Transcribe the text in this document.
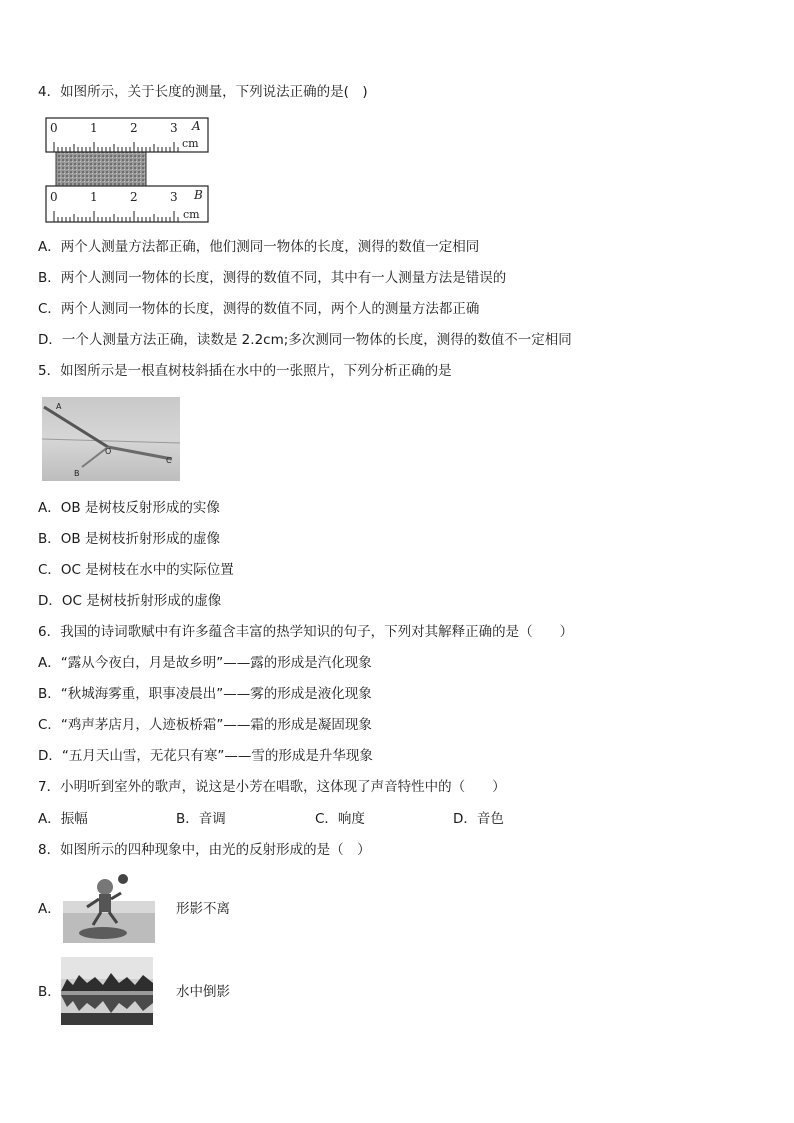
4．如图所示，关于长度的测量，下列说法正确的是(　)
0	1	2	3 A
cm
0	1	2	3 B
cm
A．两个人测量方法都正确，他们测同一物体的长度，测得的数值一定相同
B．两个人测同一物体的长度，测得的数值不同，其中有一人测量方法是错误的
C．两个人测同一物体的长度，测得的数值不同，两个人的测量方法都正确
D．一个人测量方法正确，读数是 2.2cm;多次测同一物体的长度，测得的数值不一定相同
5．如图所示是一根直树枝斜插在水中的一张照片，下列分析正确的是
A
O
B
C
A．OB 是树枝反射形成的实像
B．OB 是树枝折射形成的虚像
C．OC 是树枝在水中的实际位置
D．OC 是树枝折射形成的虚像
6．我国的诗词歌赋中有许多蕴含丰富的热学知识的句子，下列对其解释正确的是（　　）
A．“露从今夜白，月是故乡明”——露的形成是汽化现象
B．“秋城海雾重，职事凌晨出”——雾的形成是液化现象
C．“鸡声茅店月，人迹板桥霜”——霜的形成是凝固现象
D．“五月天山雪，无花只有寒”——雪的形成是升华现象
7．小明听到室外的歌声，说这是小芳在唱歌，这体现了声音特性中的（　　）
A．振幅	B．音调	C．响度	D．音色
8．如图所示的四种现象中，由光的反射形成的是（　）
A．	形影不离
B．	水中倒影
